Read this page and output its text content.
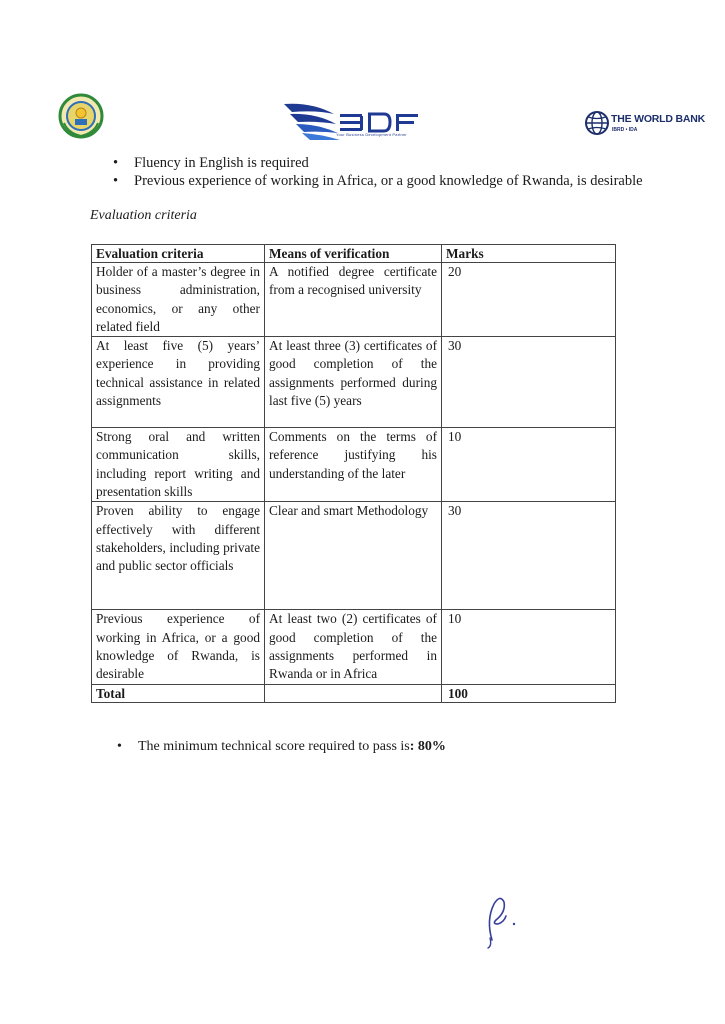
Your Business Development Partner
THE WORLD BANK
IBRD • IDA
• Fluency in English is required
• Previous experience of working in Africa, or a good knowledge of Rwanda, is desirable
Evaluation criteria
Evaluation criteria	Means of verification	Marks
Holder of a master’s degree in business administration, economics, or any other related field	A notified degree certificate from a recognised university	20
At least five (5) years’ experience in providing technical assistance in related assignments	At least three (3) certificates of good completion of the assignments performed during last five (5) years	30
Strong oral and written communication skills, including report writing and presentation skills	Comments on the terms of reference justifying his understanding of the later	10
Proven ability to engage effectively with different stakeholders, including private and public sector officials	Clear and smart Methodology	30
Previous experience of working in Africa, or a good knowledge of Rwanda, is desirable	At least two (2) certificates of good completion of the assignments performed in Rwanda or in Africa	10
Total		100
• The minimum technical score required to pass is: 80%
